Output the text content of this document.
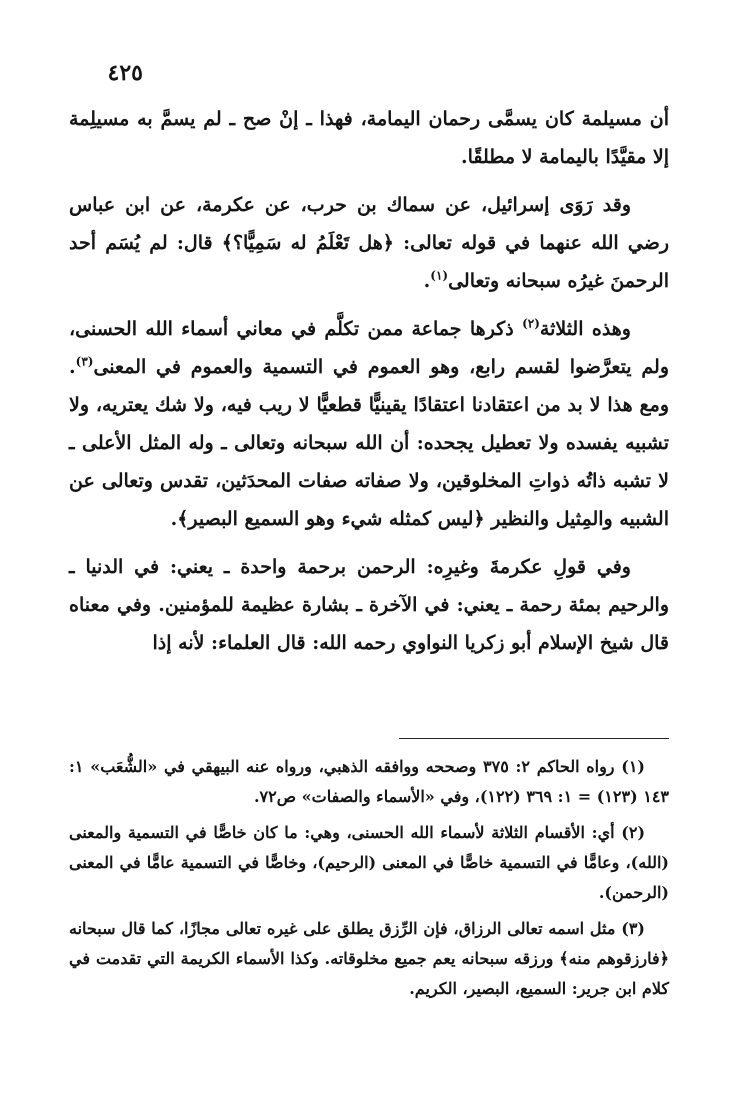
٤٢٥

أن مسيلمة كان يسمَّى رحمان اليمامة، فهذا ـ إنْ صح ـ لم يسمَّ به مسيلِمة إلا مقيَّدًا باليمامة لا مطلقًا.

وقد رَوَى إسرائيل، عن سماك بن حرب، عن عكرمة، عن ابن عباس رضي الله عنهما في قوله تعالى: ﴿هل تَعْلَمُ له سَمِيًّا؟﴾ قال: لم يُسَم أحد الرحمنَ غيرُه سبحانه وتعالى$^{(١)}$.

وهذه الثلاثة$^{(٢)}$ ذكرها جماعة ممن تكلَّم في معاني أسماء الله الحسنى، ولم يتعرَّضوا لقسم رابع، وهو العموم في التسمية والعموم في المعنى$^{(٣)}$. ومع هذا لا بد من اعتقادنا اعتقادًا يقينيًّا قطعيًّا لا ريب فيه، ولا شك يعتريه، ولا تشبيه يفسده ولا تعطيل يجحده: أن الله سبحانه وتعالى ـ وله المثل الأعلى ـ لا تشبه ذاتُه ذواتِ المخلوقين، ولا صفاته صفات المحدَثين، تقدس وتعالى عن الشبيه والمِثيل والنظير ﴿ليس كمثله شيء وهو السميع البصير﴾.

وفي قولِ عكرمةَ وغيرِه: الرحمن برحمة واحدة ـ يعني: في الدنيا ـ والرحيم بمئة رحمة ـ يعني: في الآخرة ـ بشارة عظيمة للمؤمنين. وفي معناه قال شيخ الإسلام أبو زكريا النواوي رحمه الله: قال العلماء: لأنه إذا

(١) رواه الحاكم ٢: ٣٧٥ وصححه ووافقه الذهبي، ورواه عنه البيهقي في «الشُّعَب» ١: ١٤٣ (١٢٣) = ١: ٣٦٩ (١٢٢)، وفي «الأسماء والصفات» ص٧٢.

(٢) أي: الأقسام الثلاثة لأسماء الله الحسنى، وهي: ما كان خاصًّا في التسمية والمعنى (الله)، وعامًّا في التسمية خاصًّا في المعنى (الرحيم)، وخاصًّا في التسمية عامًّا في المعنى (الرحمن).

(٣) مثل اسمه تعالى الرزاق، فإن الرِّزق يطلق على غيره تعالى مجازًا، كما قال سبحانه ﴿فارزقوهم منه﴾ ورزقه سبحانه يعم جميع مخلوقاته. وكذا الأسماء الكريمة التي تقدمت في كلام ابن جرير: السميع، البصير، الكريم.
